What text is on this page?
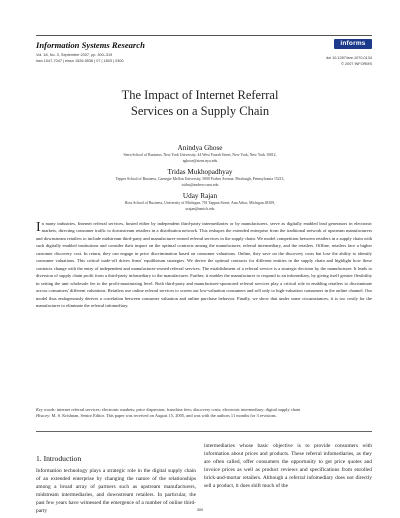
Information Systems Research
Vol. 18, No. 3, September 2007, pp. 300–319
issn 1047-7047 | eissn 1526-5536 | 07 | 1803 | 0300
informs
doi 10.1287/isre.1070.0134
© 2007 INFORMS
The Impact of Internet Referral
Services on a Supply Chain
Anindya Ghose
Stern School of Business, New York University, 44 West Fourth Street, New York, New York 10012,
aghose@stern.nyu.edu
Tridas Mukhopadhyay
Tepper School of Business, Carnegie Mellon University, 5000 Forbes Avenue, Pittsburgh, Pennsylvania 15213,
tridas@andrew.cmu.edu
Uday Rajan
Ross School of Business, University of Michigan, 701 Tappan Street, Ann Arbor, Michigan 48109,
urajan@umich.edu
In many industries, Internet referral services, hosted either by independent third-party intermediaries or by manufacturers, serve as digitally enabled lead generators in electronic markets, directing consumer traffic to downstream retailers in a distribution network. This reshapes the extended enterprise from the traditional network of upstream manufacturers and downstream retailers to include midstream third-party and manufacturer-owned referral services in the supply chain. We model competition between retailers in a supply chain with such digitally enabled institutions and consider their impact on the optimal contracts among the manufacturer, referral intermediary, and the retailers. Offline, retailers face a higher customer discovery cost. In return, they can engage in price discrimination based on consumer valuations. Online, they save on the discovery costs but lose the ability to identify consumer valuations. This critical trade-off drives firms' equilibrium strategies. We derive the optimal contracts for different entities in the supply chain and highlight how these contracts change with the entry of independent and manufacturer-owned referral services. The establishment of a referral service is a strategic decision by the manufacturer. It leads to diversion of supply chain profit from a third-party infomediary to the manufacturer. Further, it enables the manufacturer to respond to an infomediary, by giving itself greater flexibility in setting the unit wholesale fee to the profit-maximizing level. Both third-party and manufacturer-sponsored referral services play a critical role in enabling retailers to discriminate across consumers' different valuations. Retailers use online referral services to screen out low-valuation consumers and sell only to high-valuation consumers in the online channel. Our model thus endogenously derives a correlation between consumer valuation and online purchase behavior. Finally, we show that under some circumstances, it is too costly for the manufacturer to eliminate the referral infomediary.
Key words: internet referral services; electronic markets; price dispersion; franchise fees; discovery costs; electronic intermediary; digital supply chain
History: M. S. Krishnan, Senior Editor. This paper was received on August 15, 2005, and was with the authors 11 months for 3 revisions.
1. Introduction
Information technology plays a strategic role in the digital supply chain of an extended enterprise by changing the nature of the relationships among a broad array of partners such as upstream manufacturers, midstream intermediaries, and downstream retailers. In particular, the past few years have witnessed the emergence of a number of online third-party
intermediaries whose basic objective is to provide consumers with information about prices and products. These referral infomediaries, as they are often called, offer consumers the opportunity to get price quotes and invoice prices as well as product reviews and specifications from enrolled brick-and-mortar retailers. Although a referral infomediary does not directly sell a product, it does shift much of the
300
